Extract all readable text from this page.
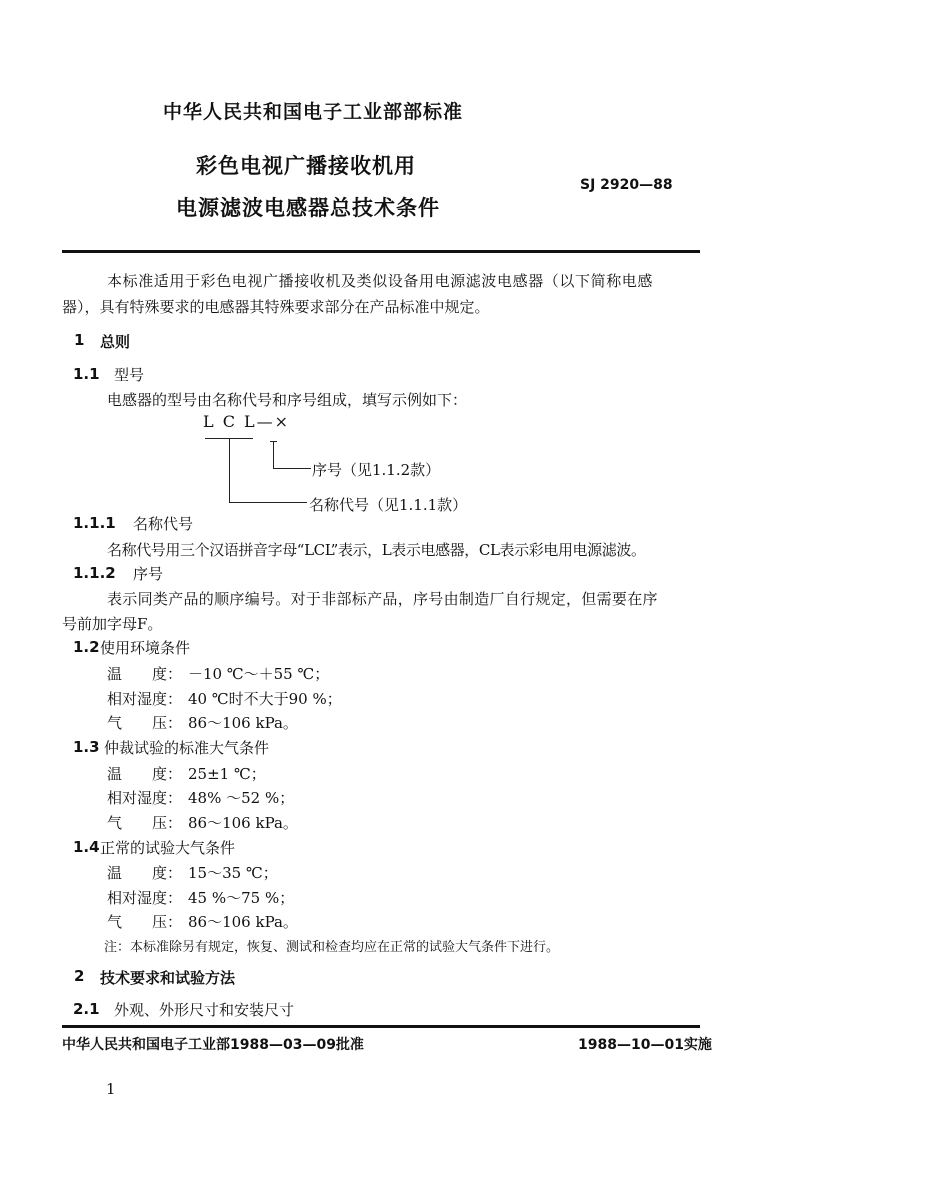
中华人民共和国电子工业部部标准
彩色电视广播接收机用
电源滤波电感器总技术条件
SJ 2920—88
本标准适用于彩色电视广播接收机及类似设备用电源滤波电感器（以下简称电感
器），具有特殊要求的电感器其特殊要求部分在产品标准中规定。
1 总则
1.1 型号
电感器的型号由名称代号和序号组成，填写示例如下：
L C L—×
序号（见1.1.2款）
名称代号（见1.1.1款）
1.1.1 名称代号
名称代号用三个汉语拼音字母“LCL”表示，L表示电感器，CL表示彩电用电源滤波。
1.1.2 序号
表示同类产品的顺序编号。对于非部标产品，序号由制造厂自行规定，但需要在序
号前加字母F。
1.2 使用环境条件
温　　度： －10 ℃～＋55 ℃；
相对湿度： 40 ℃时不大于90 %；
气　　压： 86～106 kPa。
1.3 仲裁试验的标准大气条件
温　　度： 25±1 ℃；
相对湿度： 48% ～52 %；
气　　压： 86～106 kPa。
1.4 正常的试验大气条件
温　　度： 15～35 ℃；
相对湿度： 45 %～75 %；
气　　压： 86～106 kPa。
注：本标准除另有规定，恢复、测试和检查均应在正常的试验大气条件下进行。
2 技术要求和试验方法
2.1 外观、外形尺寸和安装尺寸
中华人民共和国电子工业部1988—03—09批准	1988—10—01实施
1
